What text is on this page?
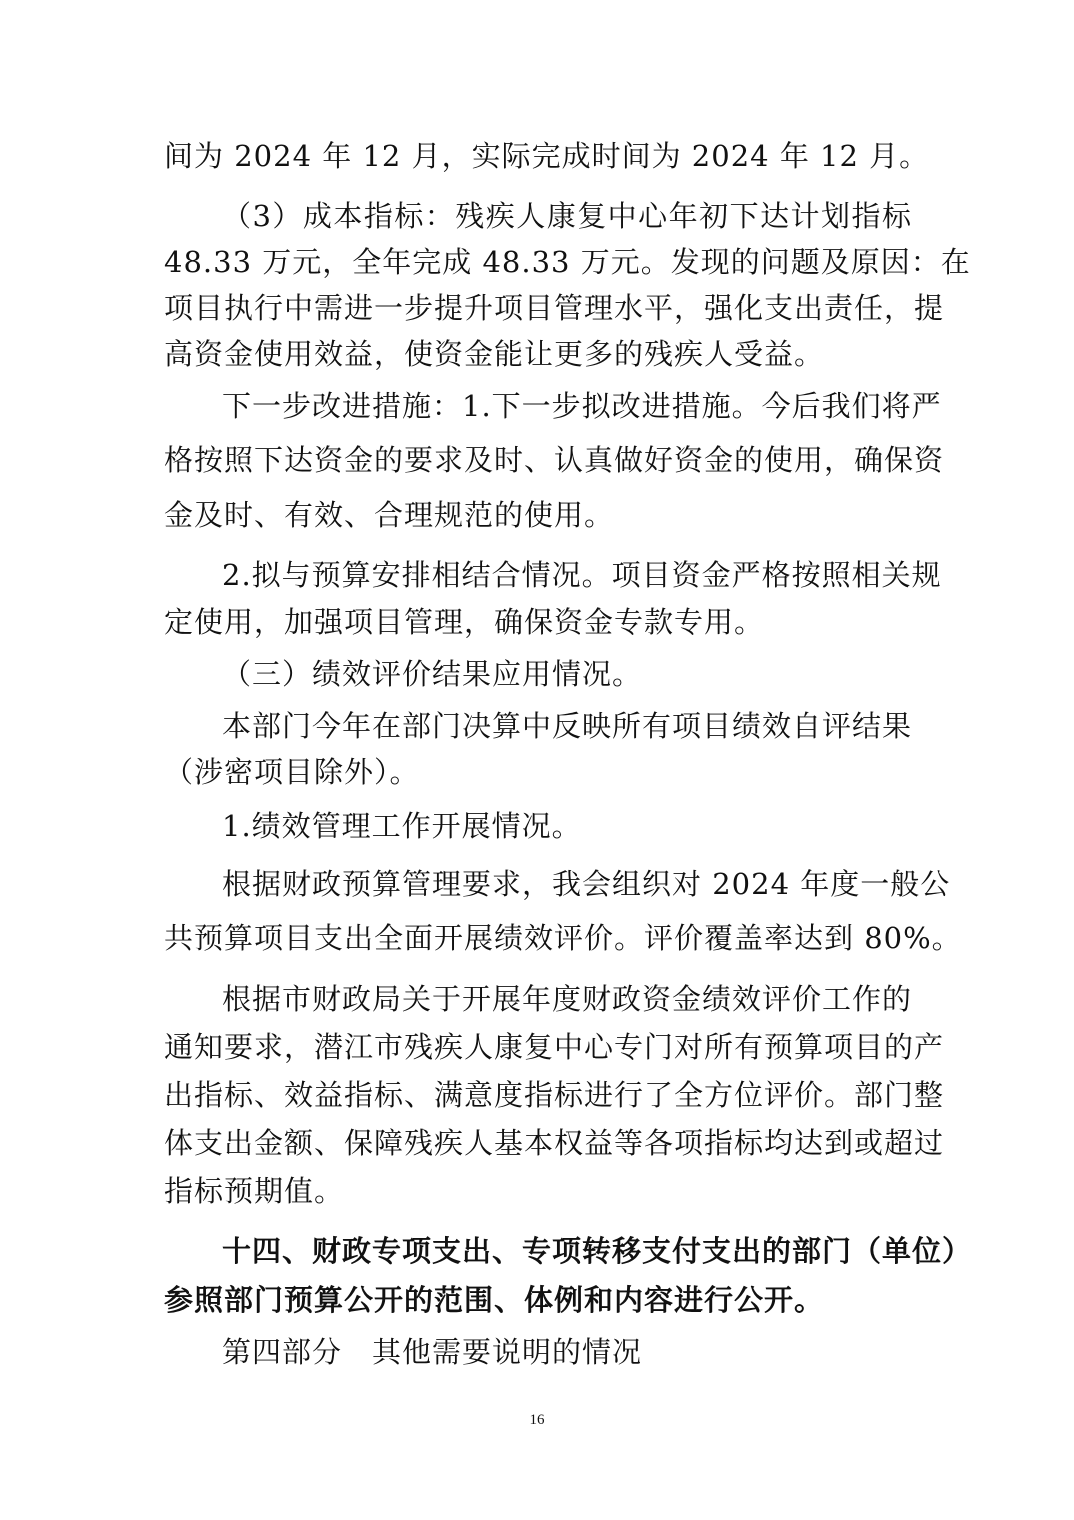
间为 2024 年 12 月，实际完成时间为 2024 年 12 月。
（3）成本指标：残疾人康复中心年初下达计划指标
48.33 万元，全年完成 48.33 万元。发现的问题及原因：在
项目执行中需进一步提升项目管理水平，强化支出责任，提
高资金使用效益，使资金能让更多的残疾人受益。
下一步改进措施：1.下一步拟改进措施。今后我们将严
格按照下达资金的要求及时、认真做好资金的使用，确保资
金及时、有效、合理规范的使用。
2.拟与预算安排相结合情况。项目资金严格按照相关规
定使用，加强项目管理，确保资金专款专用。
（三）绩效评价结果应用情况。
本部门今年在部门决算中反映所有项目绩效自评结果
（涉密项目除外）。
1.绩效管理工作开展情况。
根据财政预算管理要求，我会组织对 2024 年度一般公
共预算项目支出全面开展绩效评价。评价覆盖率达到 80%。
根据市财政局关于开展年度财政资金绩效评价工作的
通知要求，潜江市残疾人康复中心专门对所有预算项目的产
出指标、效益指标、满意度指标进行了全方位评价。部门整
体支出金额、保障残疾人基本权益等各项指标均达到或超过
指标预期值。
十四、财政专项支出、专项转移支付支出的部门（单位）
参照部门预算公开的范围、体例和内容进行公开。
第四部分　其他需要说明的情况
16
